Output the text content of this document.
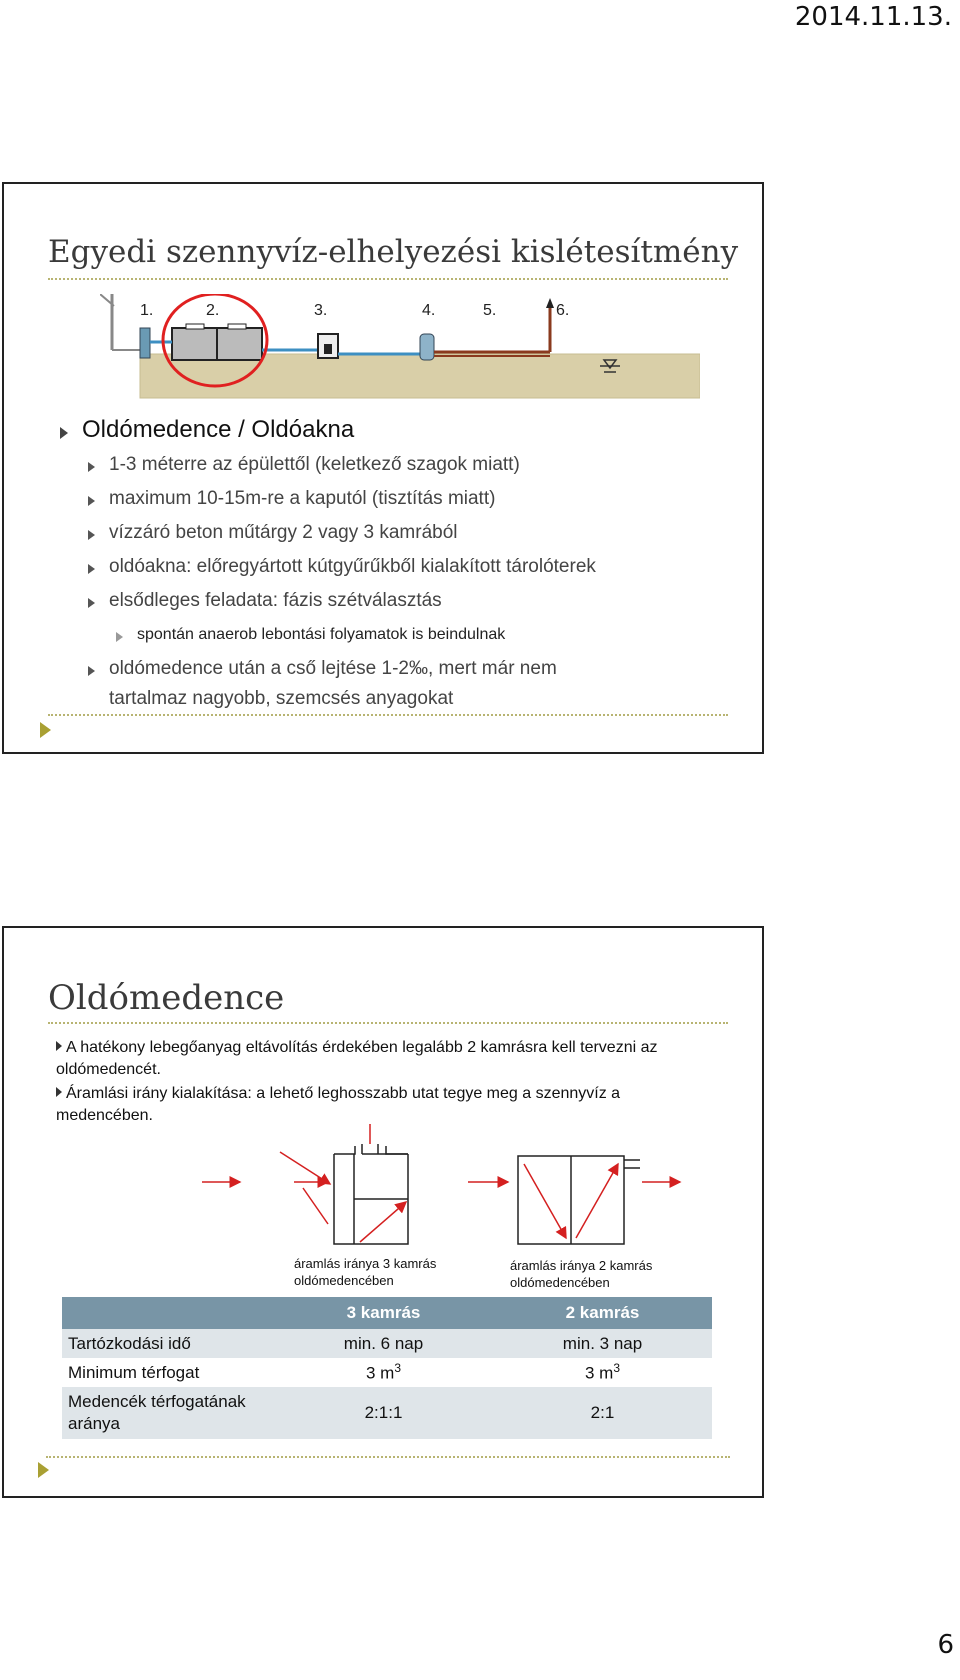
2014.11.13.
Egyedi szennyvíz-elhelyezési kislétesítmény
1.	2.	3.	4.	5.	6.
Oldómedence / Oldóakna
1-3 méterre az épülettől (keletkező szagok miatt)
maximum 10-15m-re a kaputól (tisztítás miatt)
vízzáró beton műtárgy 2 vagy 3 kamrából
oldóakna: előregyártott kútgyűrűkből kialakított tárolóterek
elsődleges feladata: fázis szétválasztás
spontán anaerob lebontási folyamatok is beindulnak
oldómedence után a cső lejtése 1-2‰, mert már nem
tartalmaz nagyobb, szemcsés anyagokat
Oldómedence
A hatékony lebegőanyag eltávolítás érdekében legalább 2 kamrásra kell tervezni az
oldómedencét.
Áramlási irány kialakítása: a lehető leghosszabb utat tegye meg a szennyvíz a
medencében.
áramlás iránya 3 kamrás
oldómedencében
áramlás iránya 2 kamrás
oldómedencében
	3 kamrás	2 kamrás
Tartózkodási idő	min. 6 nap	min. 3 nap
Minimum térfogat	3 $m^3$	3 $m^3$
Medencék térfogatának
aránya	2:1:1	2:1
6
